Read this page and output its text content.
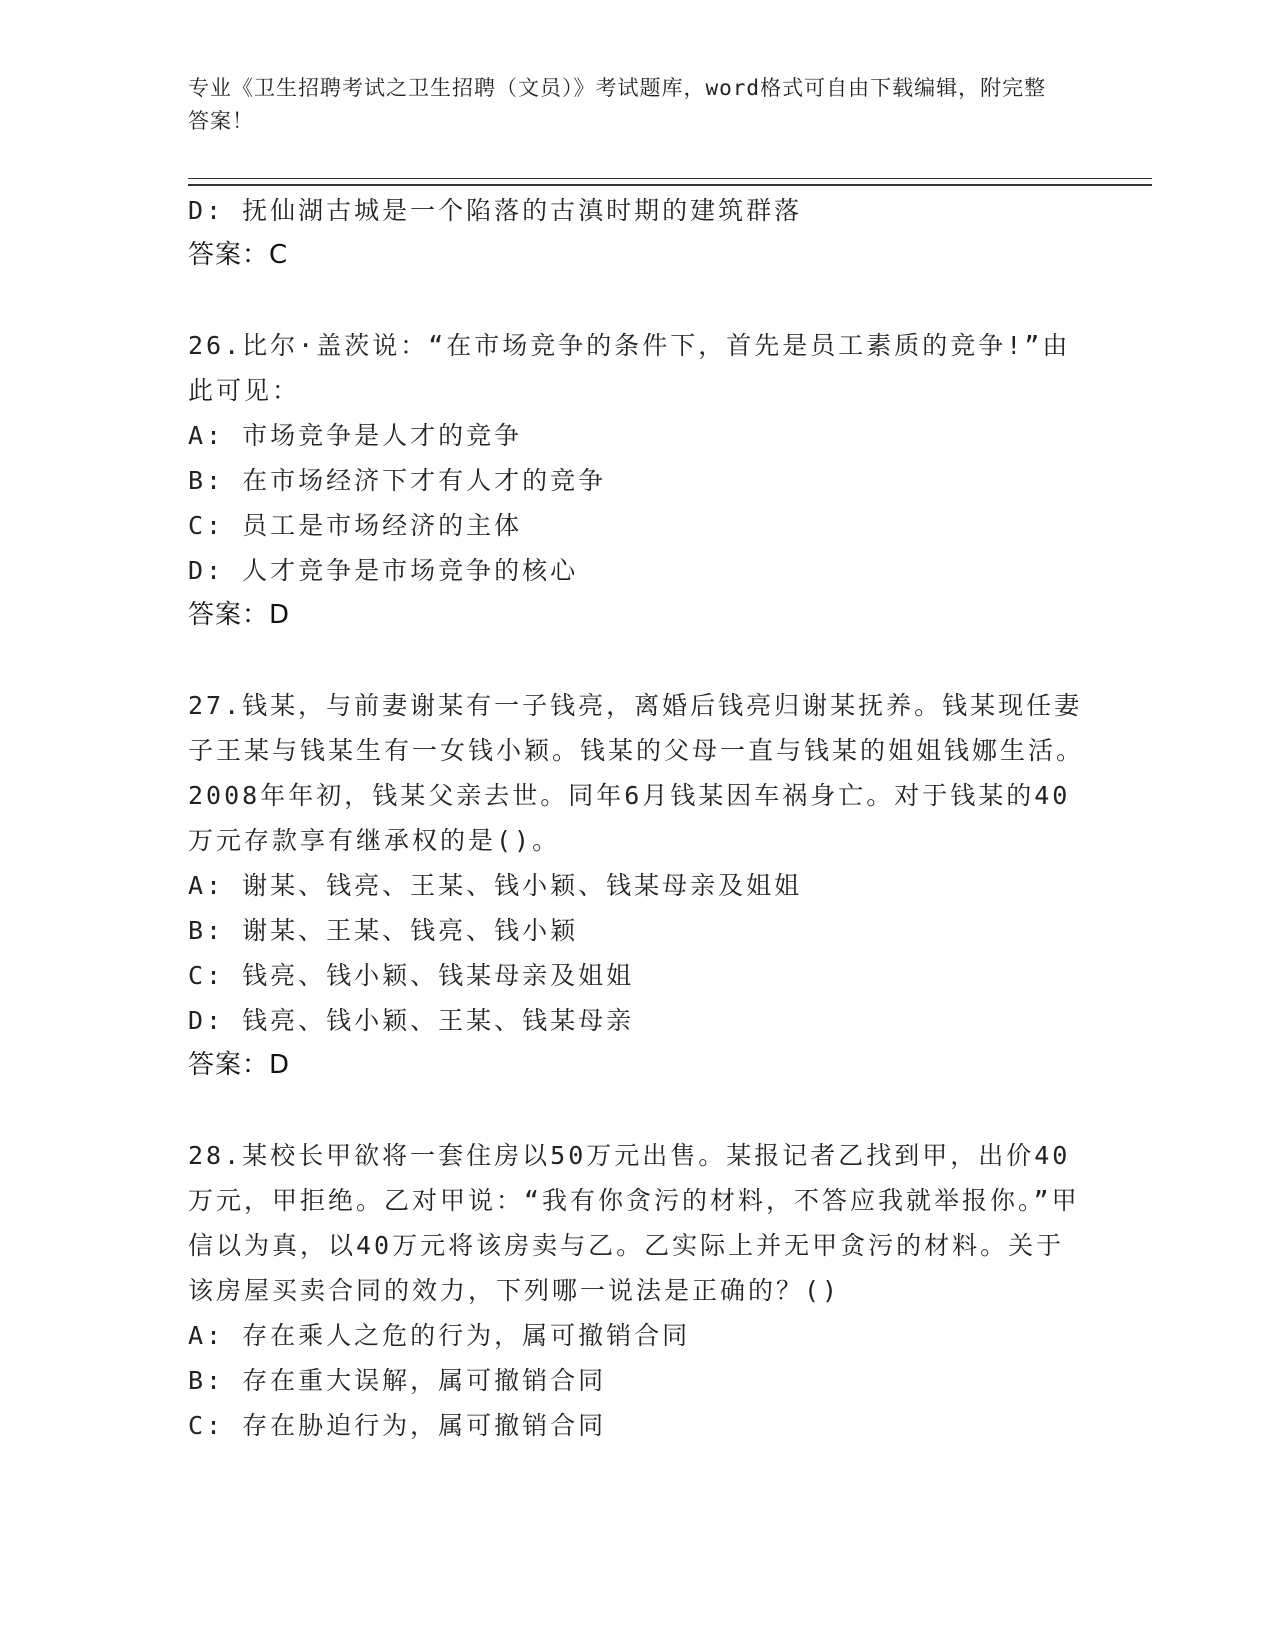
专业《卫生招聘考试之卫生招聘（文员）》考试题库，word格式可自由下载编辑，附完整答案！
D: 抚仙湖古城是一个陷落的古滇时期的建筑群落
答案：C
26.比尔·盖茨说：“在市场竞争的条件下，首先是员工素质的竞争!”由此可见：
A: 市场竞争是人才的竞争
B: 在市场经济下才有人才的竞争
C: 员工是市场经济的主体
D: 人才竞争是市场竞争的核心
答案：D
27.钱某，与前妻谢某有一子钱亮，离婚后钱亮归谢某抚养。钱某现任妻子王某与钱某生有一女钱小颖。钱某的父母一直与钱某的姐姐钱娜生活。2008年年初，钱某父亲去世。同年6月钱某因车祸身亡。对于钱某的40万元存款享有继承权的是()。
A: 谢某、钱亮、王某、钱小颖、钱某母亲及姐姐
B: 谢某、王某、钱亮、钱小颖
C: 钱亮、钱小颖、钱某母亲及姐姐
D: 钱亮、钱小颖、王某、钱某母亲
答案：D
28.某校长甲欲将一套住房以50万元出售。某报记者乙找到甲，出价40万元，甲拒绝。乙对甲说：“我有你贪污的材料，不答应我就举报你。”甲信以为真，以40万元将该房卖与乙。乙实际上并无甲贪污的材料。关于该房屋买卖合同的效力，下列哪一说法是正确的？()
A: 存在乘人之危的行为，属可撤销合同
B: 存在重大误解，属可撤销合同
C: 存在胁迫行为，属可撤销合同
